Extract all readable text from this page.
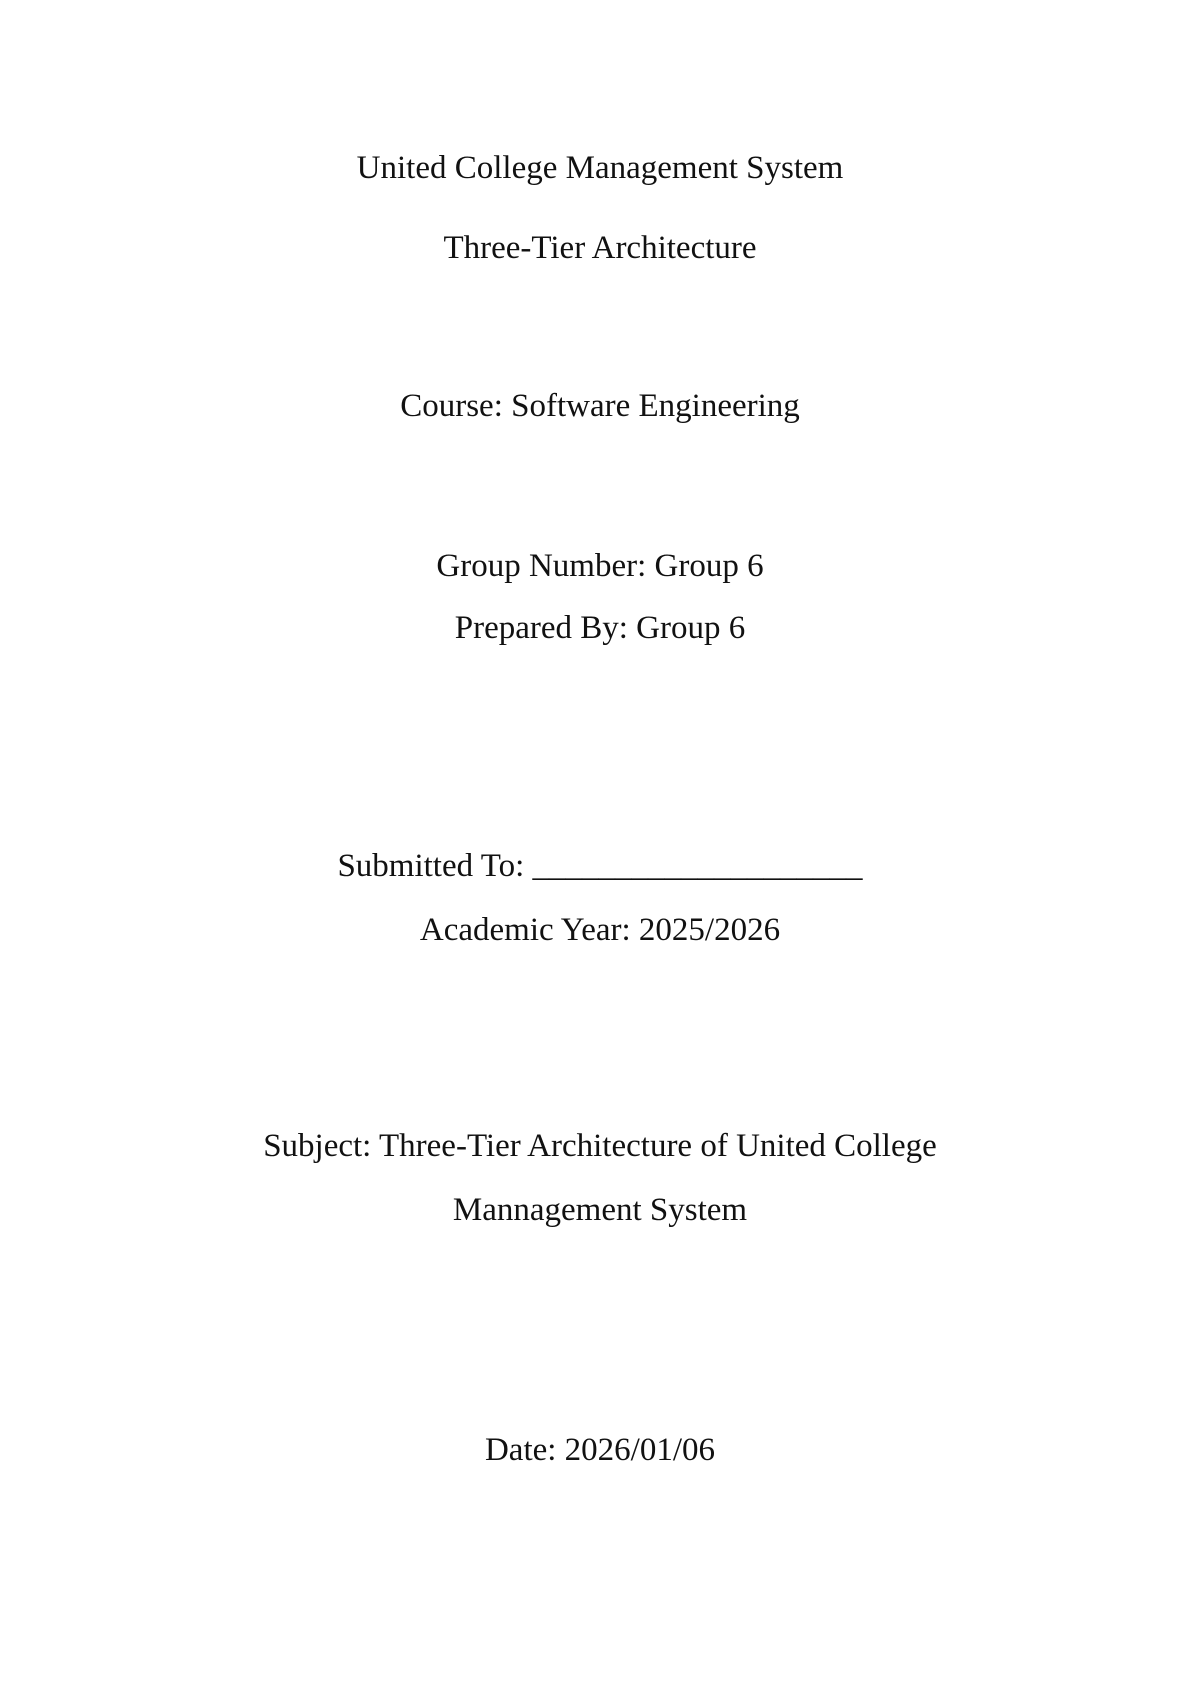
United College Management System
Three-Tier Architecture
Course: Software Engineering
Group Number: Group 6
Prepared By: Group 6
Submitted To: ____________________
Academic Year: 2025/2026
Subject: Three-Tier Architecture of United College
Mannagement System
Date: 2026/01/06
